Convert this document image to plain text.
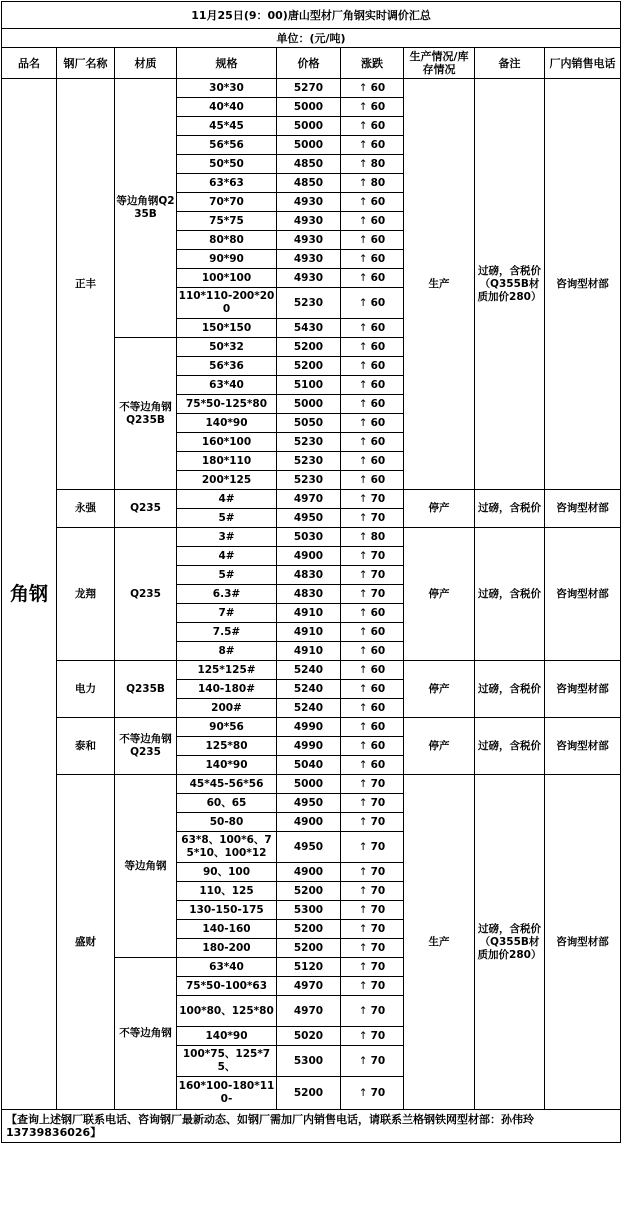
11月25日(9：00)唐山型材厂角钢实时调价汇总								
单位：(元/吨)								
品名	钢厂名称	材质	规格	价格	涨跌	生产情况/库存情况	备注	厂内销售电话
角钢	正丰	等边角钢Q235B	30*30	5270	↑ 60	生产	过磅，含税价（Q355B材质加价280）	咨询型材部
			40*40	5000	↑ 60			
			45*45	5000	↑ 60			
			56*56	5000	↑ 60			
			50*50	4850	↑ 80			
			63*63	4850	↑ 80			
			70*70	4930	↑ 60			
			75*75	4930	↑ 60			
			80*80	4930	↑ 60			
			90*90	4930	↑ 60			
			100*100	4930	↑ 60			
			110*110-200*200	5230	↑ 60			
			150*150	5430	↑ 60			
		不等边角钢Q235B	50*32	5200	↑ 60			
			56*36	5200	↑ 60			
			63*40	5100	↑ 60			
			75*50-125*80	5000	↑ 60			
			140*90	5050	↑ 60			
			160*100	5230	↑ 60			
			180*110	5230	↑ 60			
			200*125	5230	↑ 60			
	永强	Q235	4#	4970	↑ 70	停产	过磅，含税价	咨询型材部
			5#	4950	↑ 70			
	龙翔	Q235	3#	5030	↑ 80	停产	过磅，含税价	咨询型材部
			4#	4900	↑ 70			
			5#	4830	↑ 70			
			6.3#	4830	↑ 70			
			7#	4910	↑ 60			
			7.5#	4910	↑ 60			
			8#	4910	↑ 60			
	电力	Q235B	125*125#	5240	↑ 60	停产	过磅，含税价	咨询型材部
			140-180#	5240	↑ 60			
			200#	5240	↑ 60			
	泰和	不等边角钢Q235	90*56	4990	↑ 60	停产	过磅，含税价	咨询型材部
			125*80	4990	↑ 60			
			140*90	5040	↑ 60			
	盛财	等边角钢	45*45-56*56	5000	↑ 70	生产	过磅，含税价（Q355B材质加价280）	咨询型材部
			60、65	4950	↑ 70			
			50-80	4900	↑ 70			
			63*8、100*6、75*10、100*12	4950	↑ 70			
			90、100	4900	↑ 70			
			110、125	5200	↑ 70			
			130-150-175	5300	↑ 70			
			140-160	5200	↑ 70			
			180-200	5200	↑ 70			
		不等边角钢	63*40	5120	↑ 70			
			75*50-100*63	4970	↑ 70			
			100*80、125*80	4970	↑ 70			
			140*90	5020	↑ 70			
			100*75、125*75、	5300	↑ 70			
			160*100-180*110-	5200	↑ 70			
【查询上述钢厂联系电话、咨询钢厂最新动态、如钢厂需加厂内销售电话，请联系兰格钢铁网型材部：孙伟玲13739836026】								
